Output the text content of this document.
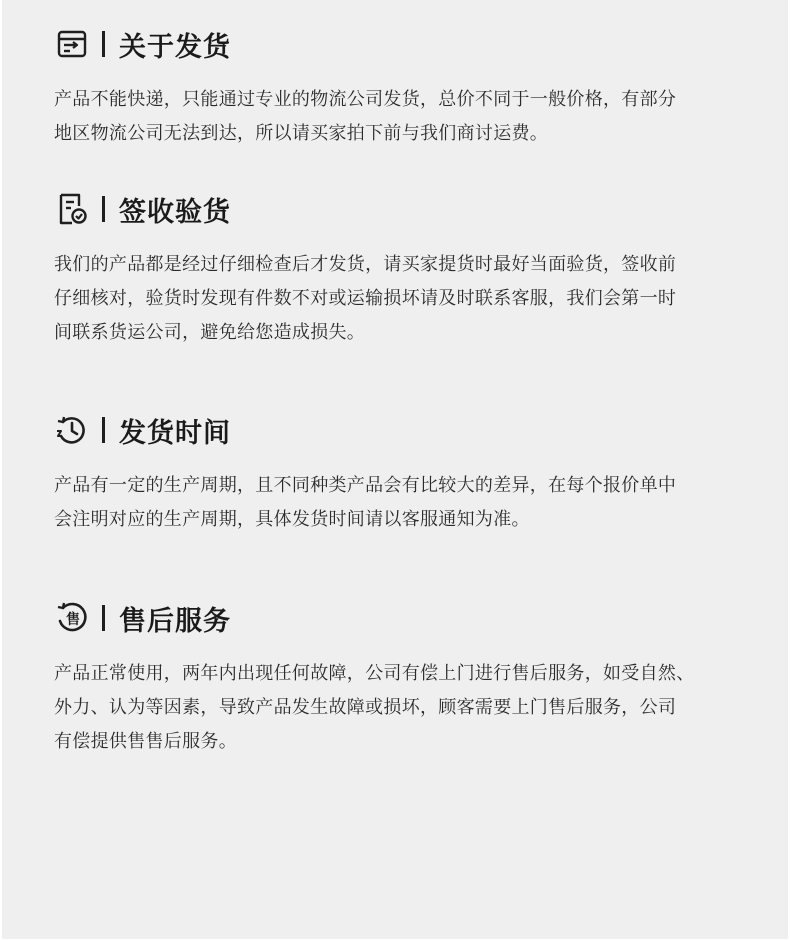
关于发货

产品不能快递，只能通过专业的物流公司发货，总价不同于一般价格，有部分

地区物流公司无法到达，所以请买家拍下前与我们商讨运费。

签收验货

我们的产品都是经过仔细检查后才发货，请买家提货时最好当面验货，签收前

仔细核对，验货时发现有件数不对或运输损坏请及时联系客服，我们会第一时

间联系货运公司，避免给您造成损失。

发货时间

产品有一定的生产周期，且不同种类产品会有比较大的差异，在每个报价单中

会注明对应的生产周期，具体发货时间请以客服通知为准。

售 售后服务

产品正常使用，两年内出现任何故障，公司有偿上门进行售后服务，如受自然、

外力、认为等因素，导致产品发生故障或损坏，顾客需要上门售后服务，公司

有偿提供售售后服务。
